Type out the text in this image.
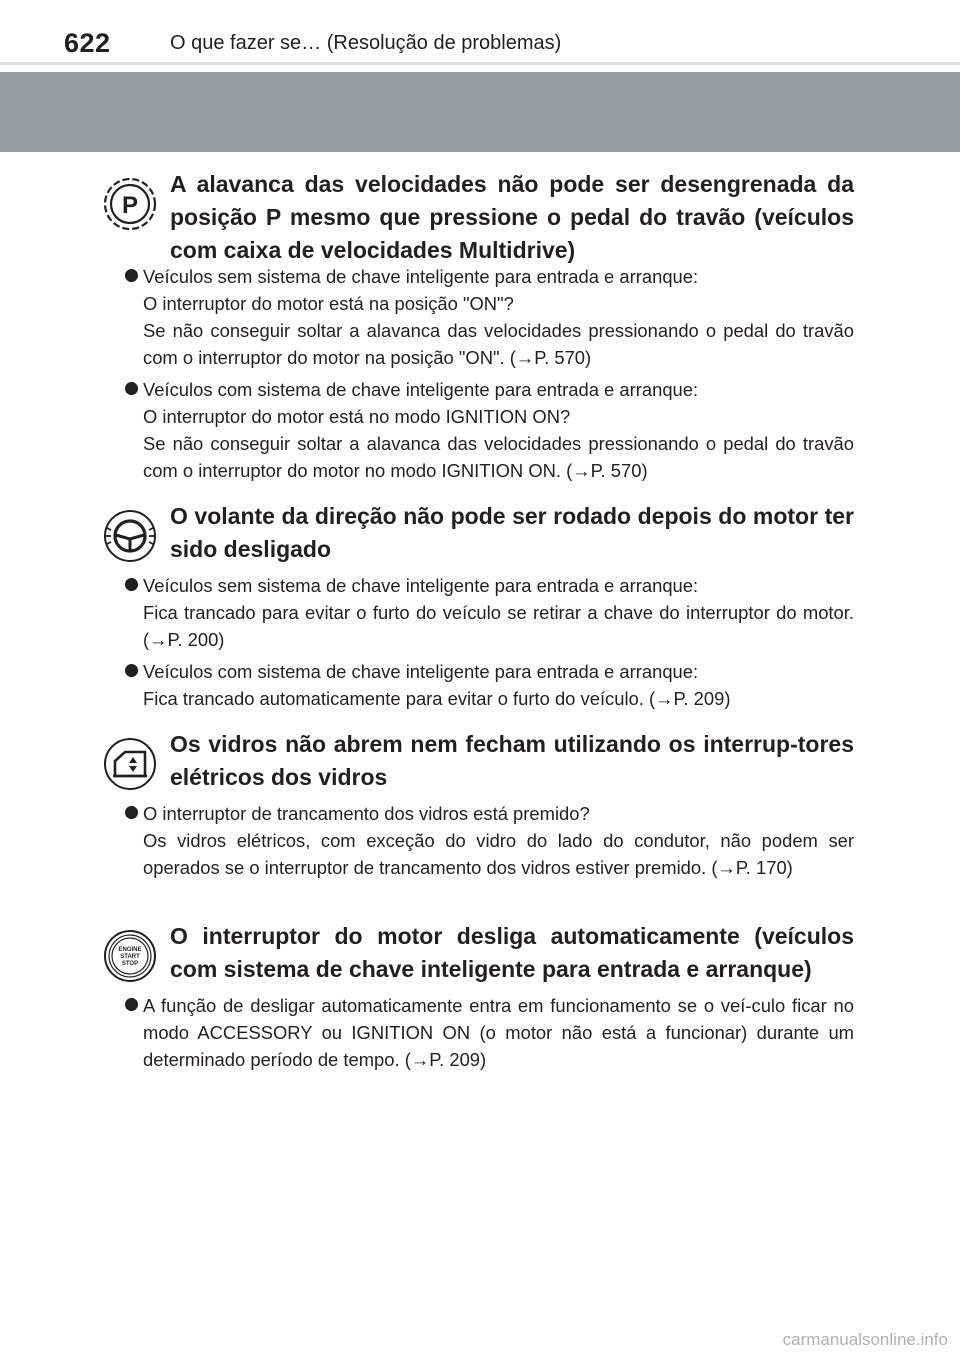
622	O que fazer se… (Resolução de problemas)
P
A alavanca das velocidades não pode ser desengrenada da posição P mesmo que pressione o pedal do travão (veículos com caixa de velocidades Multidrive)
Veículos sem sistema de chave inteligente para entrada e arranque:
O interruptor do motor está na posição "ON"?
Se não conseguir soltar a alavanca das velocidades pressionando o pedal do travão com o interruptor do motor na posição "ON". (→P. 570)
Veículos com sistema de chave inteligente para entrada e arranque:
O interruptor do motor está no modo IGNITION ON?
Se não conseguir soltar a alavanca das velocidades pressionando o pedal do travão com o interruptor do motor no modo IGNITION ON. (→P. 570)
O volante da direção não pode ser rodado depois do motor ter sido desligado
Veículos sem sistema de chave inteligente para entrada e arranque:
Fica trancado para evitar o furto do veículo se retirar a chave do interruptor do motor. (→P. 200)
Veículos com sistema de chave inteligente para entrada e arranque:
Fica trancado automaticamente para evitar o furto do veículo. (→P. 209)
Os vidros não abrem nem fecham utilizando os interrup-tores elétricos dos vidros
O interruptor de trancamento dos vidros está premido?
Os vidros elétricos, com exceção do vidro do lado do condutor, não podem ser operados se o interruptor de trancamento dos vidros estiver premido. (→P. 170)
ENGINE
START
STOP
O interruptor do motor desliga automaticamente (veículos com sistema de chave inteligente para entrada e arranque)
A função de desligar automaticamente entra em funcionamento se o veí-culo ficar no modo ACCESSORY ou IGNITION ON (o motor não está a funcionar) durante um determinado período de tempo. (→P. 209)
carmanualsonline.info
